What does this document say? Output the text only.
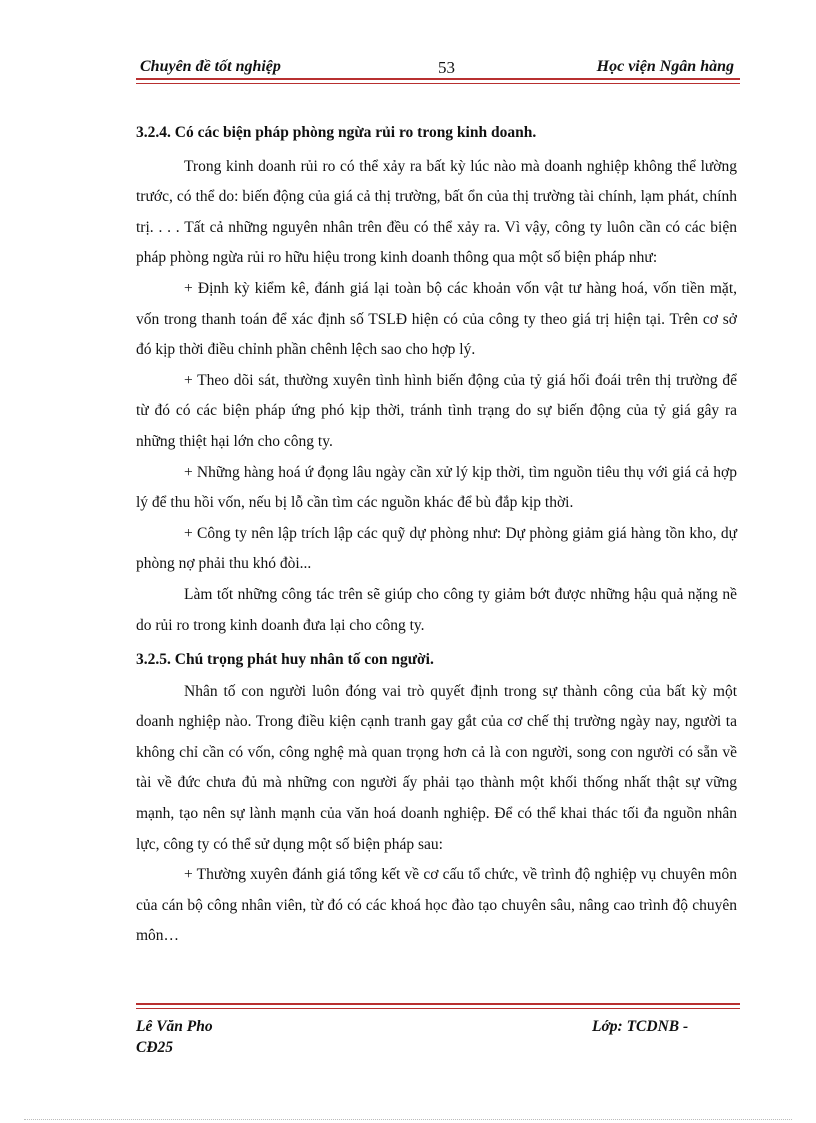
Chuyên đề tốt nghiệp	53	Học viện Ngân hàng
3.2.4. Có các biện pháp phòng ngừa rủi ro trong kinh doanh.

Trong kinh doanh rủi ro có thể xảy ra bất kỳ lúc nào mà doanh nghiệp không thể lường trước, có thể do: biến động của giá cả thị trường, bất ổn của thị trường tài chính, lạm phát, chính trị. . . . Tất cả những nguyên nhân trên đều có thể xảy ra. Vì vậy, công ty luôn cần có các biện pháp phòng ngừa rủi ro hữu hiệu trong kinh doanh thông qua một số biện pháp như:

+ Định kỳ kiểm kê, đánh giá lại toàn bộ các khoản vốn vật tư hàng hoá, vốn tiền mặt, vốn trong thanh toán để xác định số TSLĐ hiện có của công ty theo giá trị hiện tại. Trên cơ sở đó kịp thời điều chỉnh phần chênh lệch sao cho hợp lý.

+ Theo dõi sát, thường xuyên tình hình biến động của tỷ giá hối đoái trên thị trường để từ đó có các biện pháp ứng phó kịp thời, tránh tình trạng do sự biến động của tỷ giá gây ra những thiệt hại lớn cho công ty.

+ Những hàng hoá ứ đọng lâu ngày cần xử lý kịp thời, tìm nguồn tiêu thụ với giá cả hợp lý để thu hồi vốn, nếu bị lỗ cần tìm các nguồn khác để bù đắp kịp thời.

+ Công ty nên lập trích lập các quỹ dự phòng như: Dự phòng giảm giá hàng tồn kho, dự phòng nợ phải thu khó đòi...

Làm tốt những công tác trên sẽ giúp cho công ty giảm bớt được những hậu quả nặng nề do rủi ro trong kinh doanh đưa lại cho công ty.

3.2.5. Chú trọng phát huy nhân tố con người.

Nhân tố con người luôn đóng vai trò quyết định trong sự thành công của bất kỳ một doanh nghiệp nào. Trong điều kiện cạnh tranh gay gắt của cơ chế thị trường ngày nay, người ta không chỉ cần có vốn, công nghệ mà quan trọng hơn cả là con người, song con người có sẵn về tài về đức chưa đủ mà những con người ấy phải tạo thành một khối thống nhất thật sự vững mạnh, tạo nên sự lành mạnh của văn hoá doanh nghiệp. Để có thể khai thác tối đa nguồn nhân lực, công ty có thể sử dụng một số biện pháp sau:

+ Thường xuyên đánh giá tổng kết về cơ cấu tổ chức, về trình độ nghiệp vụ chuyên môn của cán bộ công nhân viên, từ đó có các khoá học đào tạo chuyên sâu, nâng cao trình độ chuyên môn…

Lê Văn Pho
CĐ25
Lớp: TCDNB -
